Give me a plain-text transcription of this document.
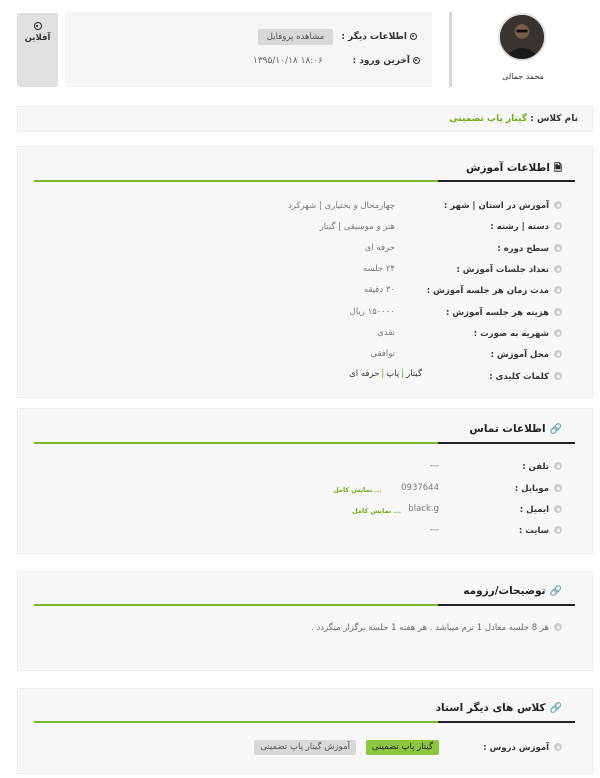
محمد جمالی
اطلاعات دیگر :
مشاهده پروفایل
آخرین ورود :
۱۳۹۵/۱۰/۱۸ ۱۸:۰۶
آفلاین
نام کلاس : گیتار پاپ تضمینی
🗎اطلاعات آموزش
آموزش در استان | شهر :
چهارمحال و بختیاری | شهرکرد
دسته | رشته :
هنر و موسیقی | گیتار
سطح دوره :
حرفه ای
تعداد جلسات آموزش :
۲۴ جلسه
مدت زمان هر جلسه آموزش :
۳۰ دقیقه
هزینه هر جلسه آموزش :
۱۵۰۰۰۰ ریال
شهریه به صورت :
نقدی
محل آموزش :
توافقی
کلمات کلیدی :
گیتار|پاپ|حرفه ای
🔗اطلاعات تماس
تلفن :
---
موبایل :
0937644
... نمایش کامل
ایمیل :
black.g
... نمایش کامل
سایت :
---
🔗توضیحات/رزومه
هر 8 جلسه معادل 1 ترم میباشد . هر هفته 1 جلسه برگزار میگردد .
🔗کلاس های دیگر استاد
آموزش دروس :
گیتار پاپ تضمینی
آموزش گیتار پاپ تضمینی
